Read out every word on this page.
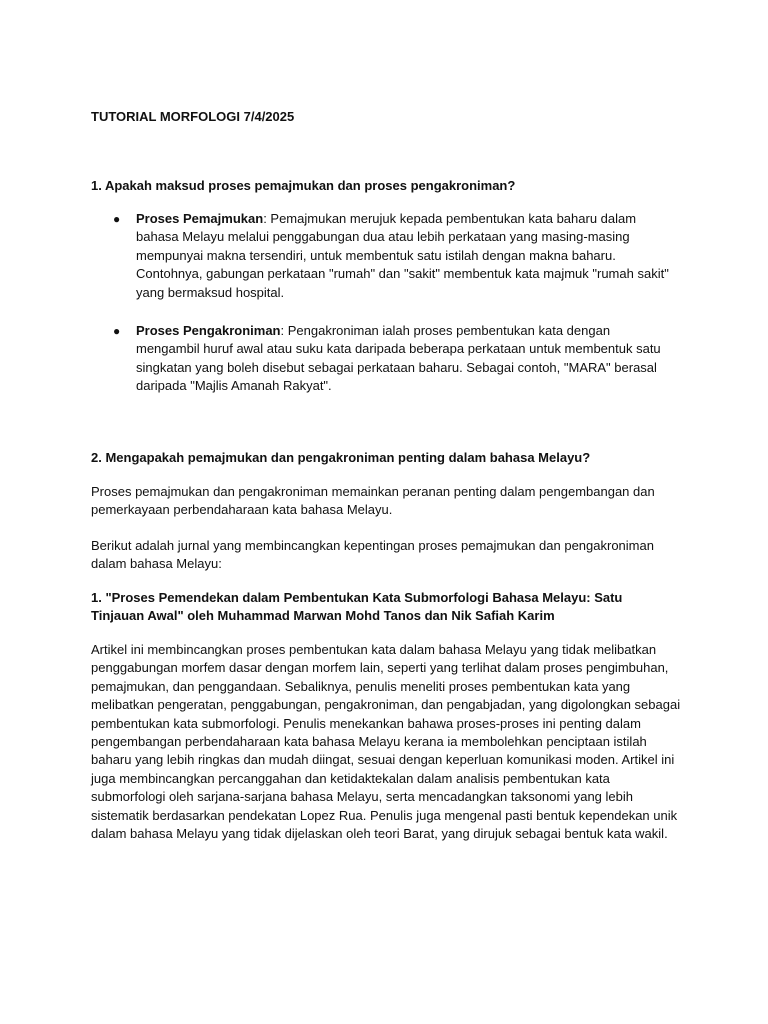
TUTORIAL MORFOLOGI 7/4/2025
1. Apakah maksud proses pemajmukan dan proses pengakroniman?
● Proses Pemajmukan: Pemajmukan merujuk kepada pembentukan kata baharu dalam bahasa Melayu melalui penggabungan dua atau lebih perkataan yang masing-masing mempunyai makna tersendiri, untuk membentuk satu istilah dengan makna baharu. Contohnya, gabungan perkataan "rumah" dan "sakit" membentuk kata majmuk "rumah sakit" yang bermaksud hospital.
● Proses Pengakroniman: Pengakroniman ialah proses pembentukan kata dengan mengambil huruf awal atau suku kata daripada beberapa perkataan untuk membentuk satu singkatan yang boleh disebut sebagai perkataan baharu. Sebagai contoh, "MARA" berasal daripada "Majlis Amanah Rakyat".
2. Mengapakah pemajmukan dan pengakroniman penting dalam bahasa Melayu?

Proses pemajmukan dan pengakroniman memainkan peranan penting dalam pengembangan dan pemerkayaan perbendaharaan kata bahasa Melayu.

Berikut adalah jurnal yang membincangkan kepentingan proses pemajmukan dan pengakroniman dalam bahasa Melayu:

1. "Proses Pemendekan dalam Pembentukan Kata Submorfologi Bahasa Melayu: Satu Tinjauan Awal" oleh Muhammad Marwan Mohd Tanos dan Nik Safiah Karim

Artikel ini membincangkan proses pembentukan kata dalam bahasa Melayu yang tidak melibatkan penggabungan morfem dasar dengan morfem lain, seperti yang terlihat dalam proses pengimbuhan, pemajmukan, dan penggandaan. Sebaliknya, penulis meneliti proses pembentukan kata yang melibatkan pengeratan, penggabungan, pengakroniman, dan pengabjadan, yang digolongkan sebagai pembentukan kata submorfologi. Penulis menekankan bahawa proses-proses ini penting dalam pengembangan perbendaharaan kata bahasa Melayu kerana ia membolehkan penciptaan istilah baharu yang lebih ringkas dan mudah diingat, sesuai dengan keperluan komunikasi moden. Artikel ini juga membincangkan percanggahan dan ketidaktekalan dalam analisis pembentukan kata submorfologi oleh sarjana-sarjana bahasa Melayu, serta mencadangkan taksonomi yang lebih sistematik berdasarkan pendekatan Lopez Rua. Penulis juga mengenal pasti bentuk kependekan unik dalam bahasa Melayu yang tidak dijelaskan oleh teori Barat, yang dirujuk sebagai bentuk kata wakil.
